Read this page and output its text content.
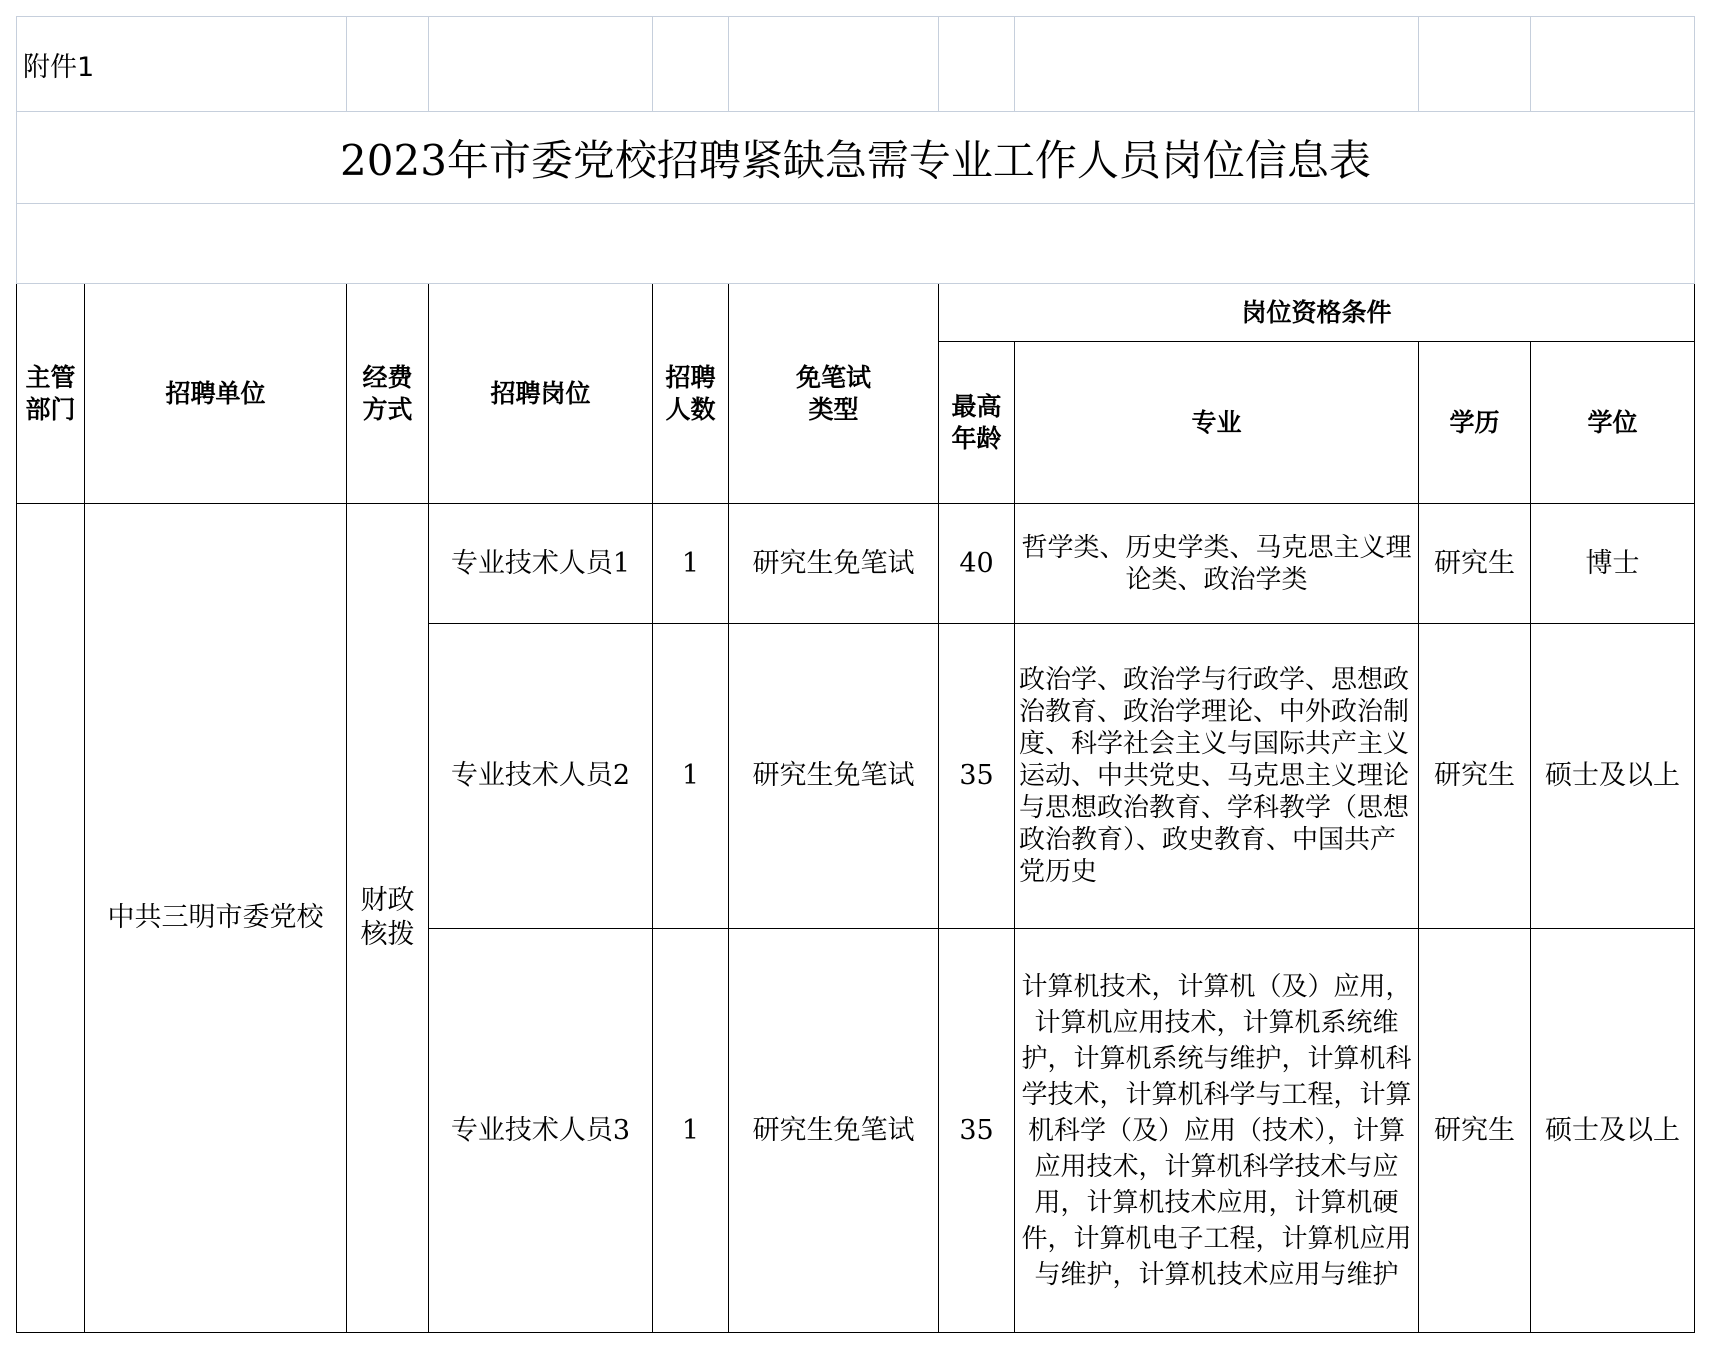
附件1									
2023年市委党校招聘紧缺急需专业工作人员岗位信息表									

主管部门	招聘单位	经费方式	招聘岗位	招聘人数	免笔试类型	岗位资格条件			

						最高年龄	专业	学历	学位
	中共三明市委党校	财政核拨	专业技术人员1	1	研究生免笔试	40	哲学类、历史学类、马克思主义理论类、政治学类	研究生	博士
			专业技术人员2	1	研究生免笔试	35	政治学、政治学与行政学、思想政治教育、政治学理论、中外政治制度、科学社会主义与国际共产主义运动、中共党史、马克思主义理论与思想政治教育、学科教学（思想政治教育）、政史教育、中国共产党历史	研究生	硕士及以上
			专业技术人员3	1	研究生免笔试	35	计算机技术，计算机（及）应用，计算机应用技术，计算机系统维护，计算机系统与维护，计算机科学技术，计算机科学与工程，计算机科学（及）应用（技术），计算应用技术，计算机科学技术与应用，计算机技术应用，计算机硬件，计算机电子工程，计算机应用与维护，计算机技术应用与维护	研究生	硕士及以上
